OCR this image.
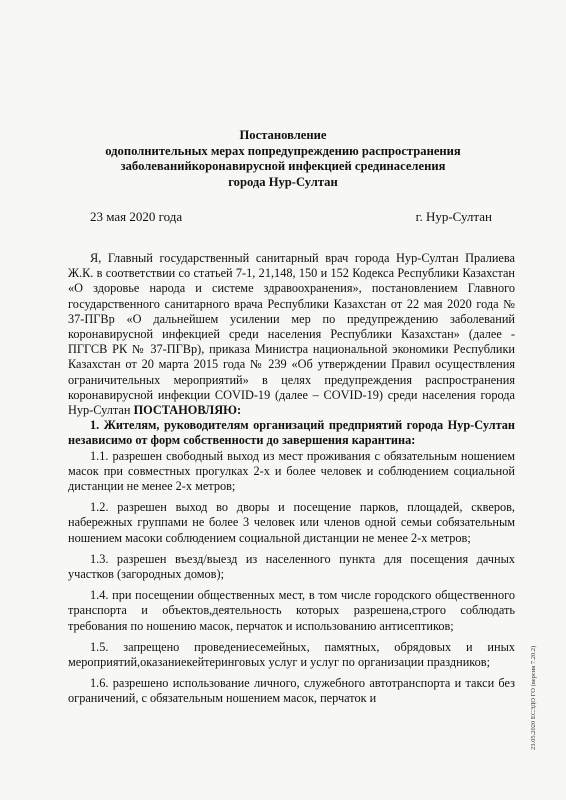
Постановление
одополнительных мерах попредупреждению распространения
заболеванийкоронавирусной инфекцией срединаселения
города Нур-Султан
23 мая 2020 года	г. Нур-Султан

Я, Главный государственный санитарный врач города Нур-Султан Пралиева Ж.К. в соответствии со статьей 7-1, 21,148, 150 и 152 Кодекса Республики Казахстан «О здоровье народа и системе здравоохранения», постановлением Главного государственного санитарного врача Республики Казахстан от 22 мая 2020 года № 37-ПГВр «О дальнейшем усилении мер по предупреждению заболеваний коронавирусной инфекцией среди населения Республики Казахстан» (далее - ПГГСВ РК № 37-ПГВр), приказа Министра национальной экономики Республики Казахстан от 20 марта 2015 года № 239 «Об утверждении Правил осуществления ограничительных мероприятий» в целях предупреждения распространения коронавирусной инфекции COVID-19 (далее – COVID-19) среди населения города Нур-Султан ПОСТАНОВЛЯЮ:

1. Жителям, руководителям организаций предприятий города Нур-Султан независимо от форм собственности до завершения карантина:

1.1. разрешен свободный выход из мест проживания с обязательным ношением масок при совместных прогулках 2-х и более человек и соблюдением социальной дистанции не менее 2-х метров;

1.2. разрешен выход во дворы и посещение парков, площадей, скверов, набережных группами не более 3 человек или членов одной семьи собязательным ношением масоки соблюдением социальной дистанции не менее 2-х метров;

1.3. разрешен въезд/выезд из населенного пункта для посещения дачных участков (загородных домов);

1.4. при посещении общественных мест, в том числе городского общественного транспорта и объектов,деятельность которых разрешена,строго соблюдать требования по ношению масок, перчаток и использованию антисептиков;

1.5. запрещено проведениесемейных, памятных, обрядовых и иных мероприятий,оказаниекейтеринговых услуг и услуг по организации праздников;

1.6. разрешено использование личного, служебного автотранспорта и такси без ограничений, с обязательным ношением масок, перчаток и	23.05.2020 ЕСЭДО ГО (версия 7.20.2)
